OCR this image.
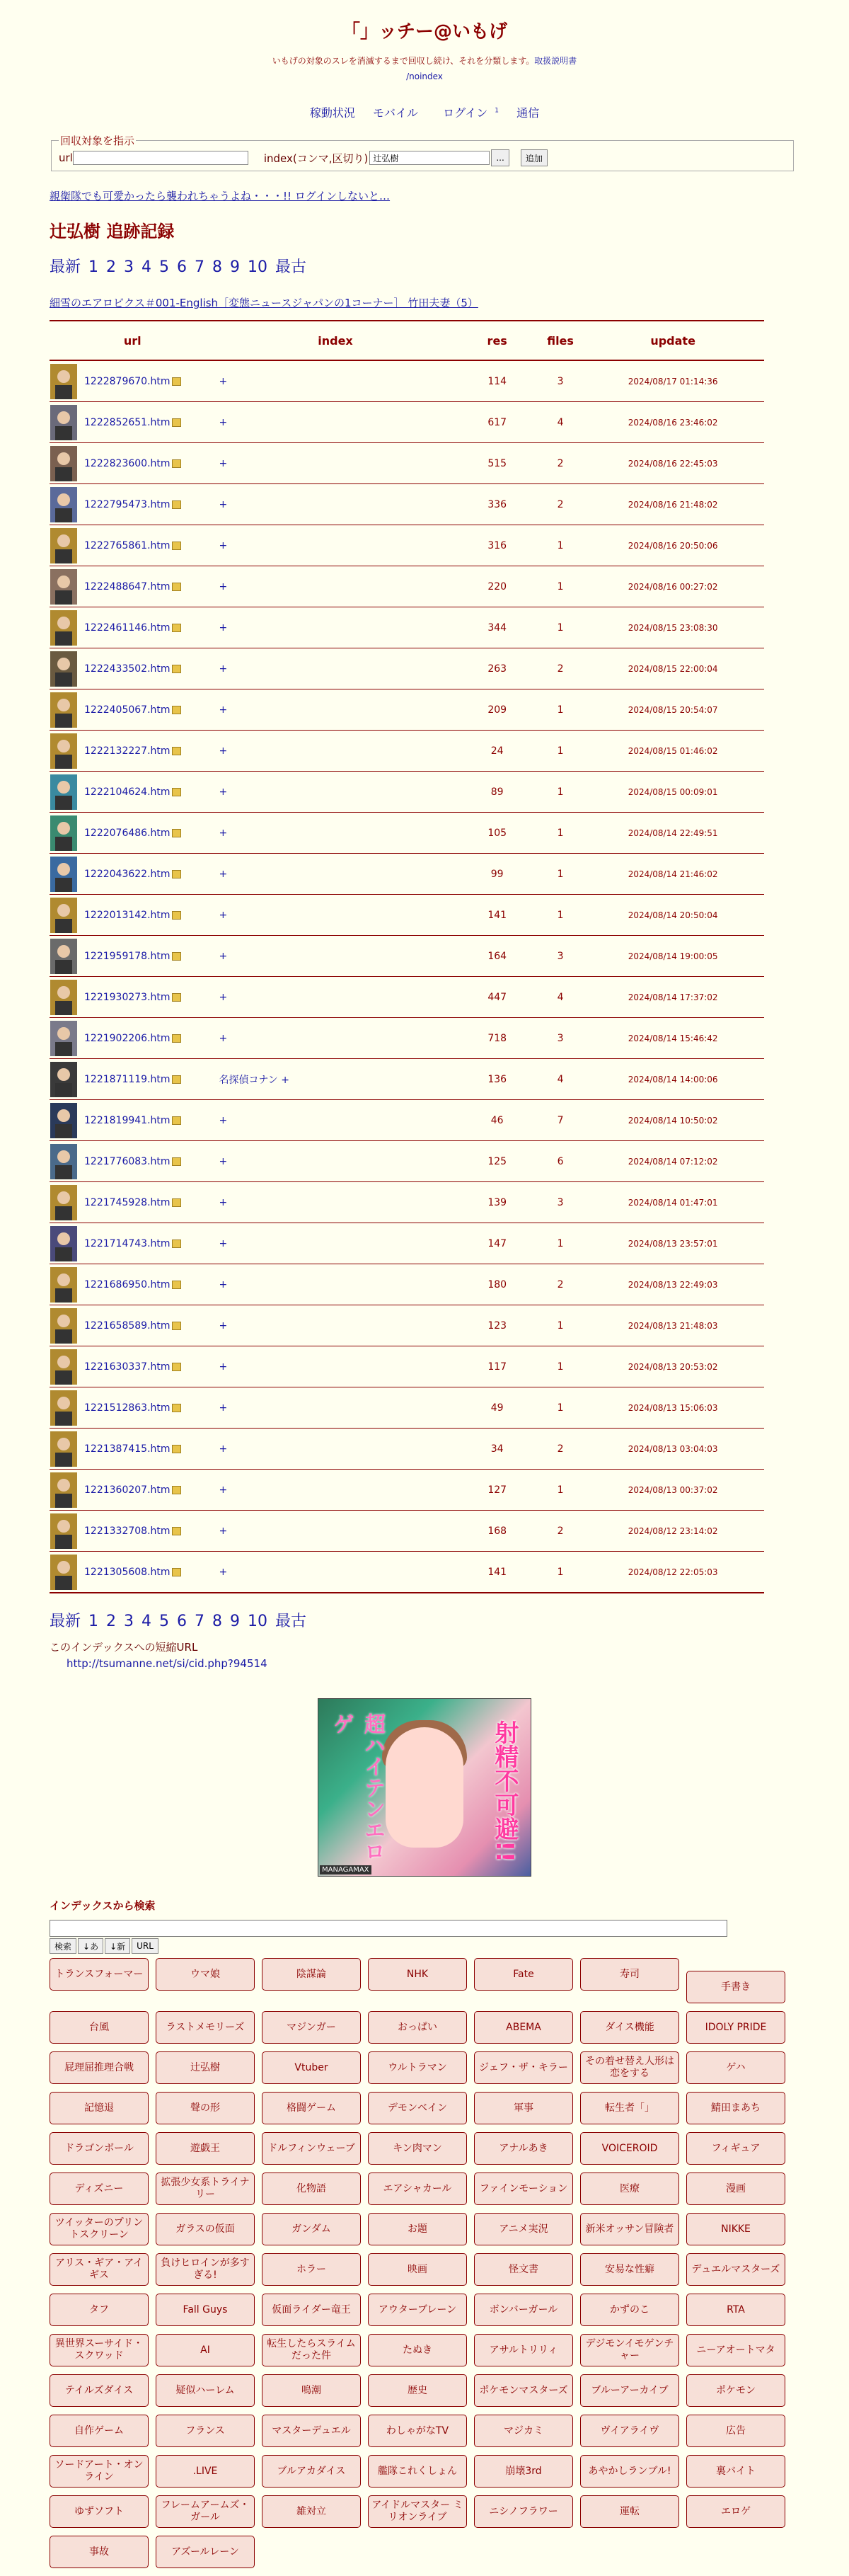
「」ッチー@いもげ
いもげの対象のスレを消滅するまで回収し続け、それを分類します。取扱説明書
/noindex
稼動状況 モバイル ログイン $^1$ 通信
回収対象を指示
url	index(コンマ,区切り)
辻弘樹	...	追加
親衛隊でも可愛かったら襲われちゃうよね・・・!! ログインしないと…
辻弘樹 追跡記録
最新 1 2 3 4 5 6 7 8 9 10 最古
細雪のエアロビクス＃001-English［変態ニュースジャパンの1コーナー］ 竹田夫妻（5）
url	index	res	files	update

1222879670.htm	+	114	3	2024/08/17 01:14:36

1222852651.htm	+	617	4	2024/08/16 23:46:02

1222823600.htm	+	515	2	2024/08/16 22:45:03

1222795473.htm	+	336	2	2024/08/16 21:48:02

1222765861.htm	+	316	1	2024/08/16 20:50:06

1222488647.htm	+	220	1	2024/08/16 00:27:02

1222461146.htm	+	344	1	2024/08/15 23:08:30

1222433502.htm	+	263	2	2024/08/15 22:00:04

1222405067.htm	+	209	1	2024/08/15 20:54:07

1222132227.htm	+	24	1	2024/08/15 01:46:02

1222104624.htm	+	89	1	2024/08/15 00:09:01

1222076486.htm	+	105	1	2024/08/14 22:49:51

1222043622.htm	+	99	1	2024/08/14 21:46:02

1222013142.htm	+	141	1	2024/08/14 20:50:04

1221959178.htm	+	164	3	2024/08/14 19:00:05

1221930273.htm	+	447	4	2024/08/14 17:37:02

1221902206.htm	+	718	3	2024/08/14 15:46:42

1221871119.htm	名探偵コナン +	136	4	2024/08/14 14:00:06

1221819941.htm	+	46	7	2024/08/14 10:50:02

1221776083.htm	+	125	6	2024/08/14 07:12:02

1221745928.htm	+	139	3	2024/08/14 01:47:01

1221714743.htm	+	147	1	2024/08/13 23:57:01

1221686950.htm	+	180	2	2024/08/13 22:49:03

1221658589.htm	+	123	1	2024/08/13 21:48:03

1221630337.htm	+	117	1	2024/08/13 20:53:02

1221512863.htm	+	49	1	2024/08/13 15:06:03

1221387415.htm	+	34	2	2024/08/13 03:04:03

1221360207.htm	+	127	1	2024/08/13 00:37:02

1221332708.htm	+	168	2	2024/08/12 23:14:02

1221305608.htm	+	141	1	2024/08/12 22:05:03
最新 1 2 3 4 5 6 7 8 9 10 最古
このインデックスへの短縮URL
http://tsumanne.net/si/cid.php?94514
超ハイテンエロゲ	射精不可避!!
MANAGAMAX
インデックスから検索
検索	↓あ	↓新	URL
トランスフォーマー	ウマ娘	陰謀論	NHK	Fate	寿司
手書き
台風	ラストメモリーズ	マジンガー	おっぱい	ABEMA	ダイス機能	IDOLY PRIDE
屁理屈推理合戦	辻弘樹	Vtuber	ウルトラマン	ジェフ・ザ・キラー
その着せ替え人形は恋をする
ゲハ
記憶退	聲の形	格闘ゲーム	デモンベイン	軍事	転生者「」	鯖田まあち
ドラゴンボール	遊戯王	ドルフィンウェーブ	キン肉マン	アナルあき	VOICEROID	フィギュア
ディズニー
拡張少女系トライナリー
化物語	エアシャカール	ファインモーション	医療	漫画
ツイッターのプリントスクリーン
ガラスの仮面	ガンダム	お題	アニメ実況	新米オッサン冒険者	NIKKE
アリス・ギア・アイギス
負けヒロインが多すぎる!
ホラー	映画	怪文書	安易な性癖	デュエルマスターズ
タフ	Fall Guys	仮面ライダー竜王	アウターブレーン	ボンバーガール	かずのこ	RTA
異世界スーサイド・スクワッド
AI
転生したらスライムだった件
たぬき	アサルトリリィ
デジモンイモゲンチャー
ニーアオートマタ
テイルズダイス	疑似ハーレム	鳴潮	歴史	ポケモンマスターズ	ブルーアーカイブ	ポケモン
自作ゲーム	フランス	マスターデュエル	わしゃがなTV	マジカミ	ヴイアライヴ	広告
ソードアート・オンライン
.LIVE	ブルアカダイス	艦隊これくしょん	崩壊3rd	あやかしランブル!	裏バイト
ゆずソフト
フレームアームズ・ガール
雑対立
アイドルマスター ミリオンライブ
ニシノフラワー	運転	エロゲ
事故	アズールレーン
